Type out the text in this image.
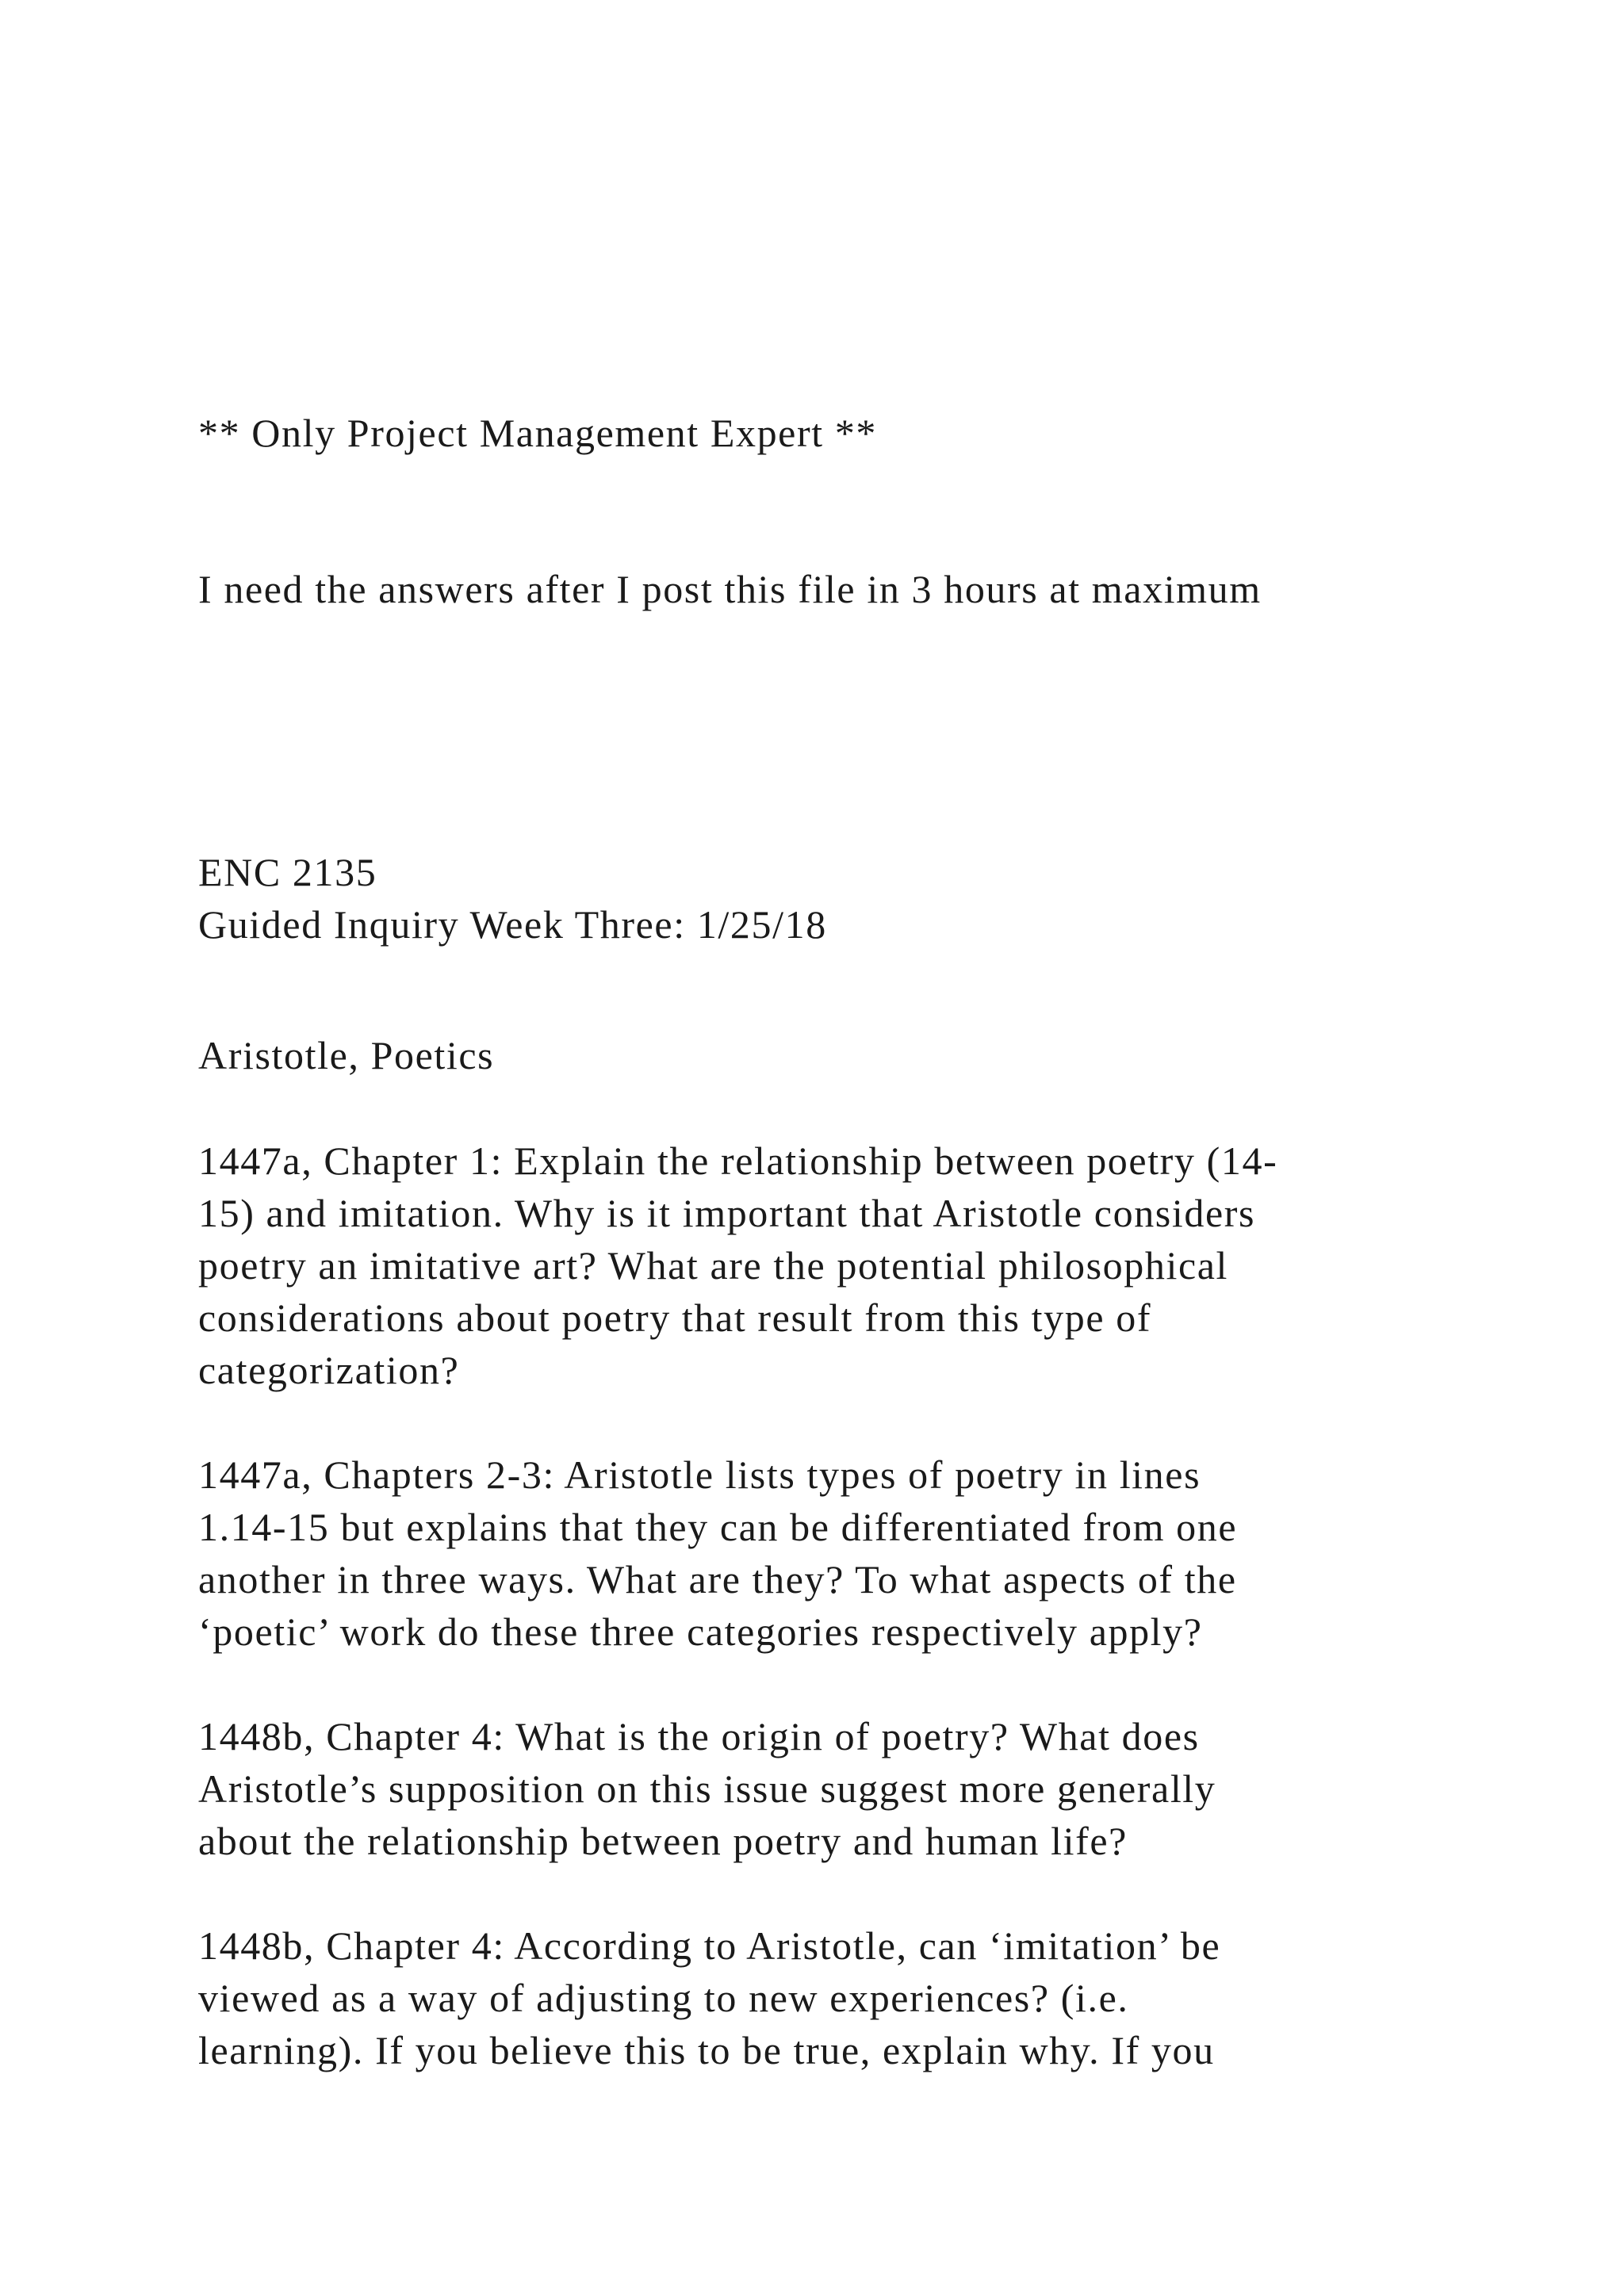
** Only Project Management Expert **
I need the answers after I post this file in 3 hours at maximum
ENC 2135
Guided Inquiry Week Three: 1/25/18
Aristotle, Poetics
1447a, Chapter 1: Explain the relationship between poetry (14-
15) and imitation. Why is it important that Aristotle considers
poetry an imitative art? What are the potential philosophical
considerations about poetry that result from this type of
categorization?
1447a, Chapters 2-3: Aristotle lists types of poetry in lines
1.14-15 but explains that they can be differentiated from one
another in three ways. What are they? To what aspects of the
‘poetic’ work do these three categories respectively apply?
1448b, Chapter 4: What is the origin of poetry? What does
Aristotle’s supposition on this issue suggest more generally
about the relationship between poetry and human life?
1448b, Chapter 4: According to Aristotle, can ‘imitation’ be
viewed as a way of adjusting to new experiences? (i.e.
learning). If you believe this to be true, explain why. If you
